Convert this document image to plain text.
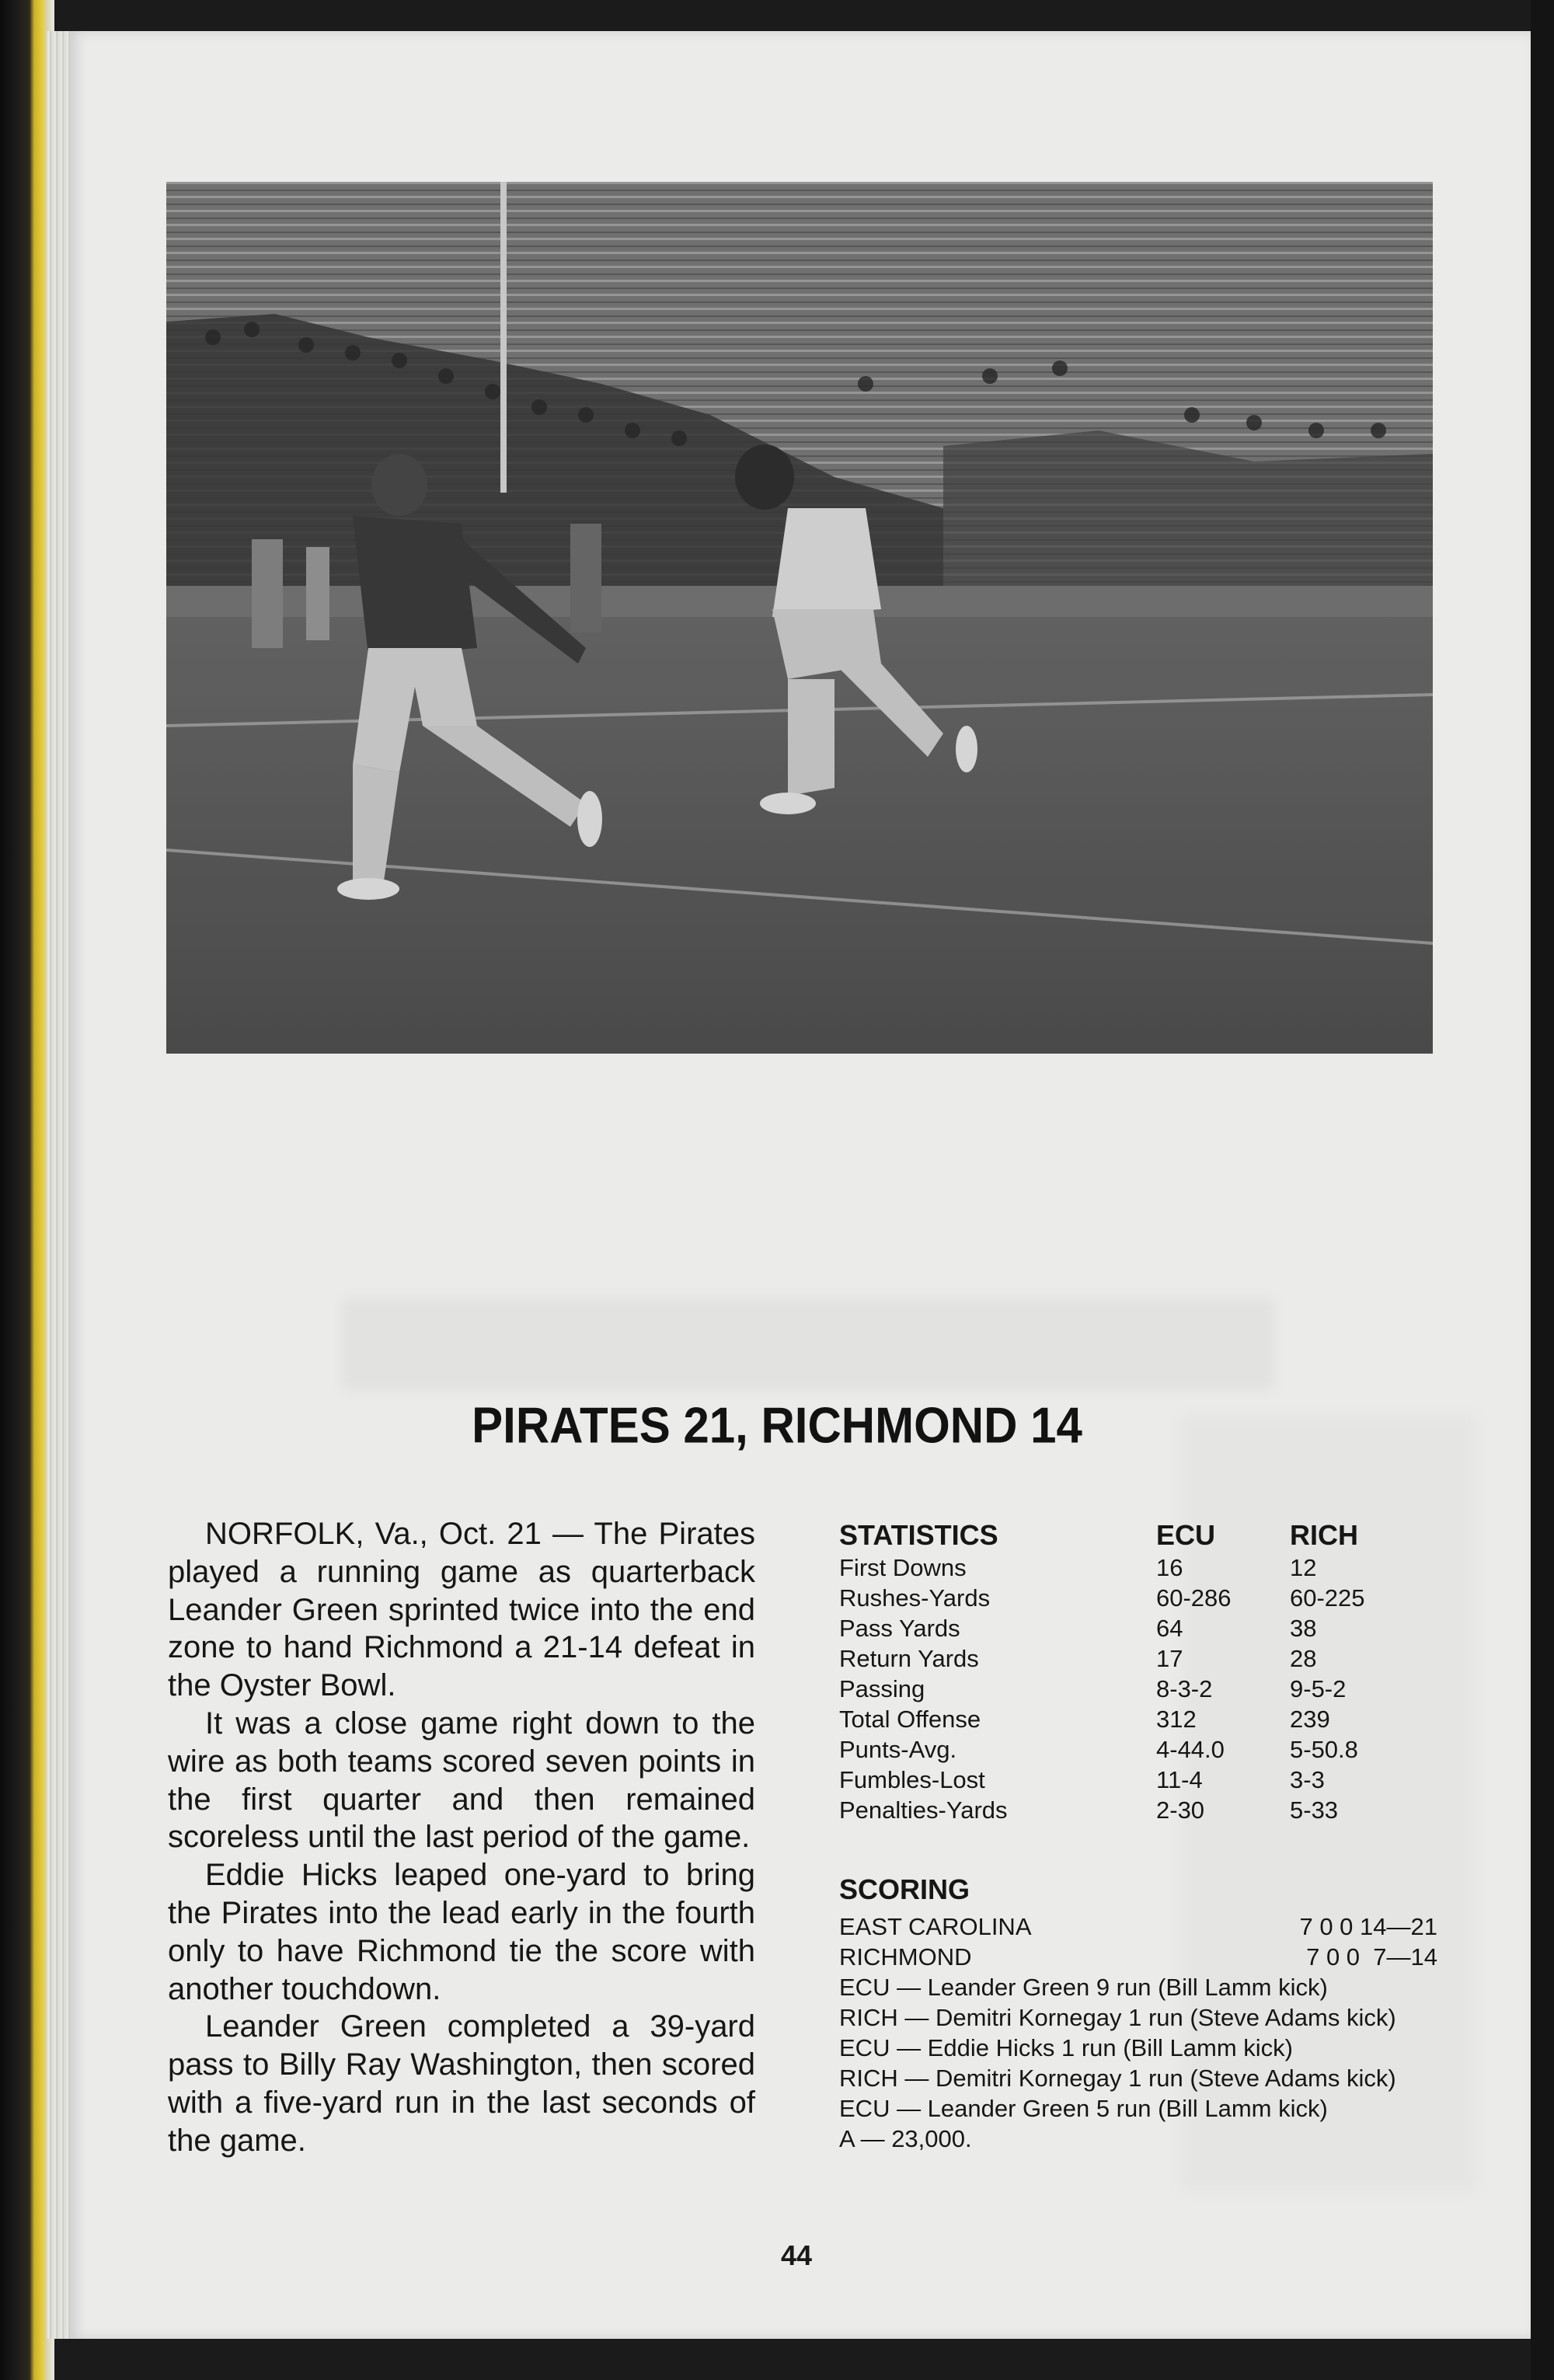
PIRATES 21, RICHMOND 14

NORFOLK, Va., Oct. 21 — The Pirates played a running game as quarterback Leander Green sprinted twice into the end zone to hand Richmond a 21-14 defeat in the Oyster Bowl.

It was a close game right down to the wire as both teams scored seven points in the first quarter and then remained scoreless until the last period of the game.

Eddie Hicks leaped one-yard to bring the Pirates into the lead early in the fourth only to have Richmond tie the score with another touchdown.

Leander Green completed a 39-yard pass to Billy Ray Washington, then scored with a five-yard run in the last seconds of the game.

STATISTICS	ECU	RICH
First Downs	16	12
Rushes-Yards	60-286	60-225
Pass Yards	64	38
Return Yards	17	28
Passing	8-3-2	9-5-2
Total Offense	312	239
Punts-Avg.	4-44.0	5-50.8
Fumbles-Lost	11-4	3-3
Penalties-Yards	2-30	5-33
SCORING
EAST CAROLINA	7 0 0 14—21
RICHMOND	7 0 0  7—14
ECU — Leander Green 9 run (Bill Lamm kick)
RICH — Demitri Kornegay 1 run (Steve Adams kick)
ECU — Eddie Hicks 1 run (Bill Lamm kick)
RICH — Demitri Kornegay 1 run (Steve Adams kick)
ECU — Leander Green 5 run (Bill Lamm kick)
A — 23,000.
44
